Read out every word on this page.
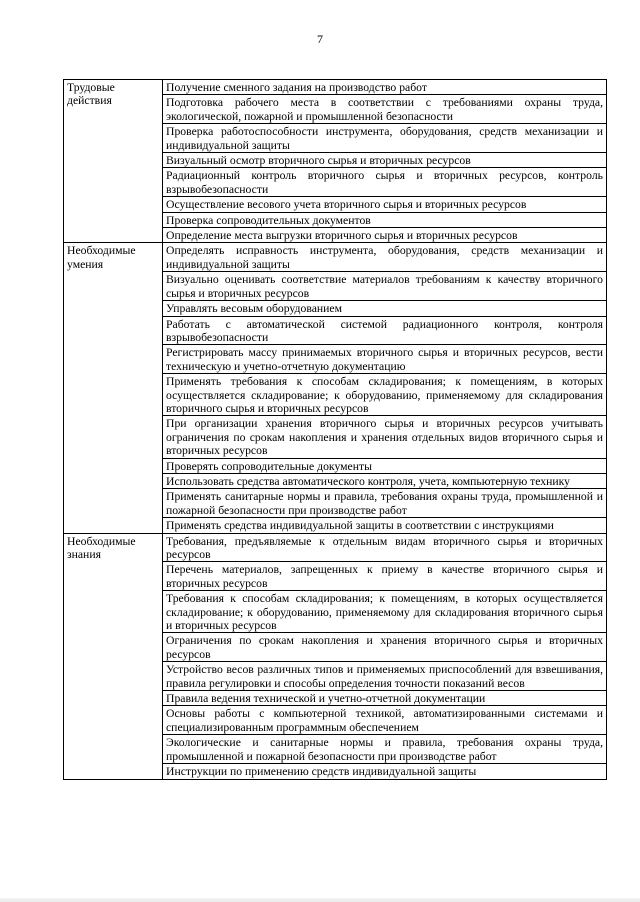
7
Трудовые действия	Получение сменного задания на производство работ
	Подготовка рабочего места в соответствии с требованиями охраны труда, экологической, пожарной и промышленной безопасности
	Проверка работоспособности инструмента, оборудования, средств механизации и индивидуальной защиты
	Визуальный осмотр вторичного сырья и вторичных ресурсов
	Радиационный контроль вторичного сырья и вторичных ресурсов, контроль взрывобезопасности
	Осуществление весового учета вторичного сырья и вторичных ресурсов
	Проверка сопроводительных документов
	Определение места выгрузки вторичного сырья и вторичных ресурсов
Необходимые умения	Определять исправность инструмента, оборудования, средств механизации и индивидуальной защиты
	Визуально оценивать соответствие материалов требованиям к качеству вторичного сырья и вторичных ресурсов
	Управлять весовым оборудованием
	Работать с автоматической системой радиационного контроля, контроля взрывобезопасности
	Регистрировать массу принимаемых вторичного сырья и вторичных ресурсов, вести техническую и учетно-отчетную документацию
	Применять требования к способам складирования; к помещениям, в которых осуществляется складирование; к оборудованию, применяемому для складирования вторичного сырья и вторичных ресурсов
	При организации хранения вторичного сырья и вторичных ресурсов учитывать ограничения по срокам накопления и хранения отдельных видов вторичного сырья и вторичных ресурсов
	Проверять сопроводительные документы
	Использовать средства автоматического контроля, учета, компьютерную технику
	Применять санитарные нормы и правила, требования охраны труда, промышленной и пожарной безопасности при производстве работ
	Применять средства индивидуальной защиты в соответствии с инструкциями
Необходимые знания	Требования, предъявляемые к отдельным видам вторичного сырья и вторичных ресурсов
	Перечень материалов, запрещенных к приему в качестве вторичного сырья и вторичных ресурсов
	Требования к способам складирования; к помещениям, в которых осуществляется складирование; к оборудованию, применяемому для складирования вторичного сырья и вторичных ресурсов
	Ограничения по срокам накопления и хранения вторичного сырья и вторичных ресурсов
	Устройство весов различных типов и применяемых приспособлений для взвешивания, правила регулировки и способы определения точности показаний весов
	Правила ведения технической и учетно-отчетной документации
	Основы работы с компьютерной техникой, автоматизированными системами и специализированным программным обеспечением
	Экологические и санитарные нормы и правила, требования охраны труда, промышленной и пожарной безопасности при производстве работ
	Инструкции по применению средств индивидуальной защиты
